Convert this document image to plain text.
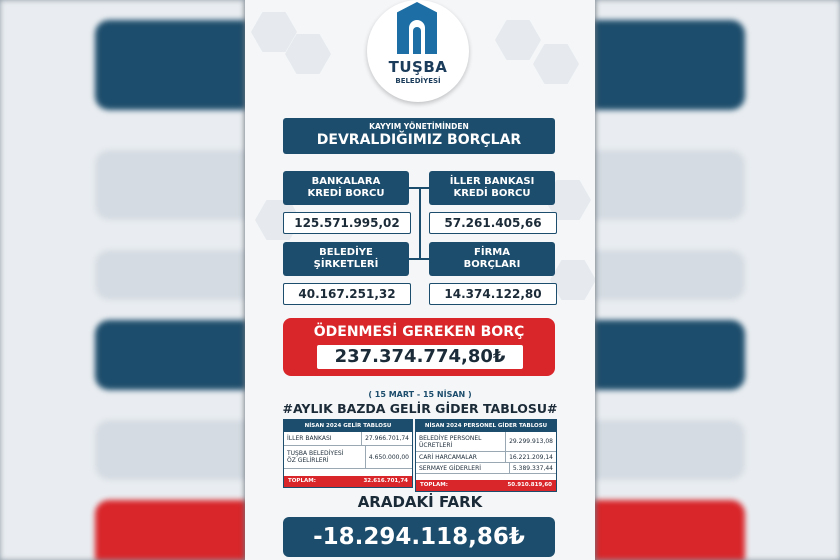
TUŞBA
BELEDİYESİ
KAYYIM YÖNETİMİNDEN
DEVRALDIĞIMIZ BORÇLAR
BANKALARA
KREDİ BORCU
125.571.995,02
İLLER BANKASI
KREDİ BORCU
57.261.405,66
BELEDİYE
ŞİRKETLERİ
40.167.251,32
FİRMA
BORÇLARI
14.374.122,80
ÖDENMESİ GEREKEN BORÇ
237.374.774,80₺
( 15 MART - 15 NİSAN )
#AYLIK BAZDA GELİR GİDER TABLOSU#
NİSAN 2024 GELİR TABLOSU
İLLER BANKASI	27.966.701,74
TUŞBA BELEDİYESİ
ÖZ GELİRLERİ	4.650.000,00
TOPLAM:	32.616.701,74
NİSAN 2024 PERSONEL GİDER TABLOSU
BELEDİYE PERSONEL
ÜCRETLERİ	29.299.913,08
CARİ HARCAMALAR	16.221.209,14
SERMAYE GİDERLERİ	5.389.337,44
TOPLAM:	50.910.819,60
ARADAKİ FARK
-18.294.118,86₺
